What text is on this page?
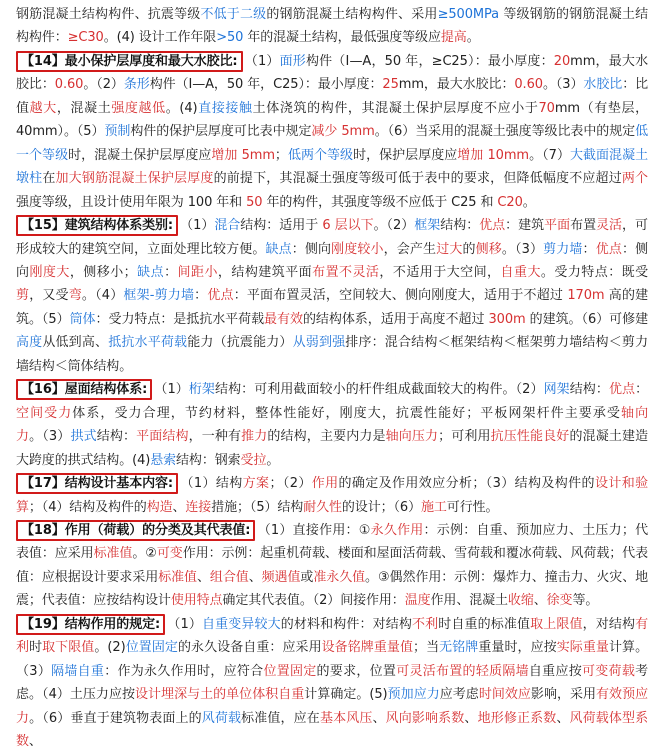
钢筋混凝土结构构件、抗震等级不低于二级的钢筋混凝土结构构件、采用≥500MPa 等级钢筋的钢筋混凝土结构构件：≥C30。(4) 设计工作年限>50 年的混凝土结构，最低强度等级应提高。

【14】最小保护层厚度和最大水胶比: （1）面形构件（Ⅰ—A，50 年，≥C25）：最小厚度：20mm，最大水胶比：0.60。（2）条形构件（Ⅰ—A，50 年，C25）：最小厚度：25mm，最大水胶比：0.60。（3）水胶比：比值越大，混凝土强度越低。(4)直接接触土体浇筑的构件，其混凝土保护层厚度不应小于70mm（有垫层，40mm）。（5）预制构件的保护层厚度可比表中规定减少 5mm。（6）当采用的混凝土强度等级比表中的规定低一个等级时，混凝土保护层厚度应增加 5mm；低两个等级时，保护层厚度应增加 10mm。（7）大截面混凝土墩柱在加大钢筋混凝土保护层厚度的前提下，其混凝土强度等级可低于表中的要求，但降低幅度不应超过两个强度等级，且设计使用年限为 100 年和 50 年的构件，其强度等级不应低于 C25 和 C20。

【15】建筑结构体系类别: （1）混合结构：适用于 6 层以下。（2）框架结构：优点：建筑平面布置灵活，可形成较大的建筑空间，立面处理比较方便。缺点：侧向刚度较小，会产生过大的侧移。（3）剪力墙：优点：侧向刚度大，侧移小；缺点：间距小，结构建筑平面布置不灵活，不适用于大空间，自重大。受力特点：既受剪，又受弯。（4）框架-剪力墙：优点：平面布置灵活，空间较大、侧向刚度大，适用于不超过 170m 高的建筑。（5）筒体：受力特点：是抵抗水平荷载最有效的结构体系，适用于高度不超过 300m 的建筑。（6）可修建高度从低到高、抵抗水平荷载能力（抗震能力）从弱到强排序：混合结构＜框架结构＜框架剪力墙结构＜剪力墙结构＜筒体结构。

【16】屋面结构体系: （1）桁架结构：可利用截面较小的杆件组成截面较大的构件。（2）网架结构：优点：空间受力体系，受力合理，节约材料，整体性能好，刚度大，抗震性能好；平板网架杆件主要承受轴向力。（3）拱式结构：平面结构，一种有推力的结构，主要内力是轴向压力；可利用抗压性能良好的混凝土建造大跨度的拱式结构。(4)悬索结构：钢索受拉。

【17】结构设计基本内容: （1）结构方案；（2）作用的确定及作用效应分析；（3）结构及构件的设计和验算；（4）结构及构件的构造、连接措施；（5）结构耐久性的设计；（6）施工可行性。

【18】作用（荷载）的分类及其代表值: （1）直接作用：①永久作用：示例：自重、预加应力、土压力；代表值：应采用标准值。②可变作用：示例：起重机荷载、楼面和屋面活荷载、雪荷载和覆冰荷载、风荷载；代表值：应根据设计要求采用标准值、组合值、频遇值或准永久值。③偶然作用：示例：爆炸力、撞击力、火灾、地震；代表值：应按结构设计使用特点确定其代表值。（2）间接作用：温度作用、混凝土收缩、徐变等。

【19】结构作用的规定: （1）自重变异较大的材料和构件：对结构不利时自重的标准值取上限值，对结构有利时取下限值。(2)位置固定的永久设备自重：应采用设备铭牌重量值；当无铭牌重量时，应按实际重量计算。（3）隔墙自重：作为永久作用时，应符合位置固定的要求，位置可灵活布置的轻质隔墙自重应按可变荷载考虑。（4）土压力应按设计埋深与土的单位体积自重计算确定。(5)预加应力应考虑时间效应影响，采用有效预应力。（6）垂直于建筑物表面上的风荷载标准值，应在基本风压、风向影响系数、地形修正系数、风荷载体型系数、
